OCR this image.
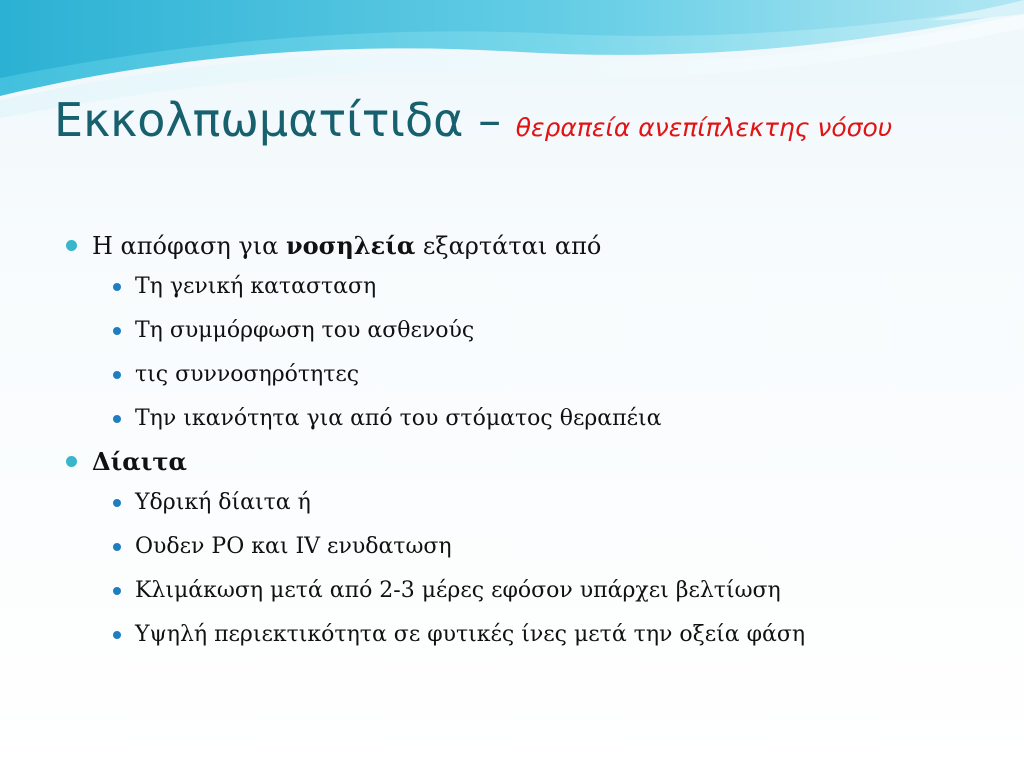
Εκκολπωματίτιδα – θεραπεία ανεπίπλεκτης νόσου

Η απόφαση για νοσηλεία εξαρτάται από

Τη γενική κατασταση

Τη συμμόρφωση του ασθενούς

τις συννοσηρότητες

Την ικανότητα για από του στόματος θεραπέια

Δίαιτα

Υδρική δίαιτα ή

Ουδεν PO και IV ενυδατωση

Κλιμάκωση μετά από 2-3 μέρες εφόσον υπάρχει βελτίωση

Υψηλή περιεκτικότητα σε φυτικές ίνες μετά την οξεία φάση
